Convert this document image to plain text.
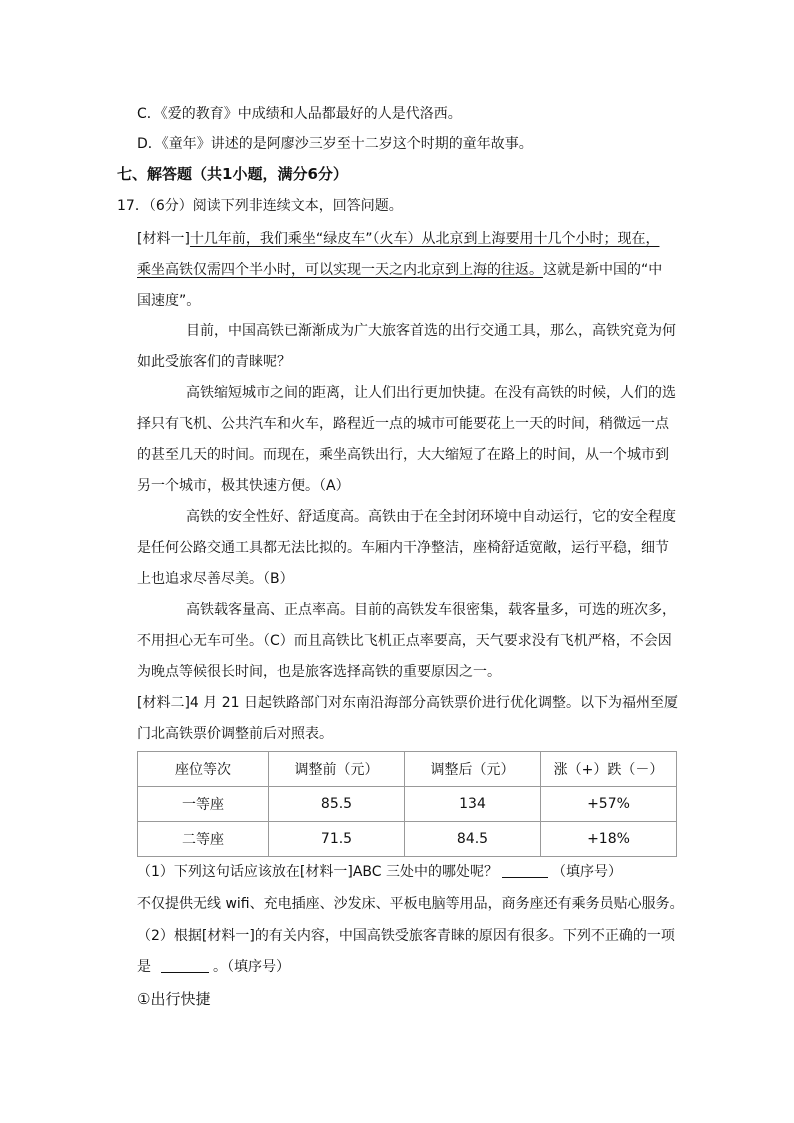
C．《爱的教育》中成绩和人品都最好的人是代洛西。
D．《童年》讲述的是阿廖沙三岁至十二岁这个时期的童年故事。
七、解答题（共1小题，满分6分）
17．（6分）阅读下列非连续文本，回答问题。
[材料一]十几年前，我们乘坐“绿皮车”（火车）从北京到上海要用十几个小时；现在，
乘坐高铁仅需四个半小时，可以实现一天之内北京到上海的往返。这就是新中国的“中
国速度”。
目前，中国高铁已渐渐成为广大旅客首选的出行交通工具，那么，高铁究竟为何
如此受旅客们的青睐呢？
高铁缩短城市之间的距离，让人们出行更加快捷。在没有高铁的时候，人们的选
择只有飞机、公共汽车和火车，路程近一点的城市可能要花上一天的时间，稍微远一点
的甚至几天的时间。而现在，乘坐高铁出行，大大缩短了在路上的时间，从一个城市到
另一个城市，极其快速方便。（A）
高铁的安全性好、舒适度高。高铁由于在全封闭环境中自动运行，它的安全程度
是任何公路交通工具都无法比拟的。车厢内干净整洁，座椅舒适宽敞，运行平稳，细节
上也追求尽善尽美。（B）
高铁载客量高、正点率高。目前的高铁发车很密集，载客量多，可选的班次多，
不用担心无车可坐。（C）而且高铁比飞机正点率要高，天气要求没有飞机严格，不会因
为晚点等候很长时间，也是旅客选择高铁的重要原因之一。
[材料二]4 月 21 日起铁路部门对东南沿海部分高铁票价进行优化调整。以下为福州至厦
门北高铁票价调整前后对照表。
座位等次	调整前（元）	调整后（元）	涨（+）跌（－）
一等座	85.5	134	+57%
二等座	71.5	84.5	+18%
（1）下列这句话应该放在[材料一]ABC 三处中的哪处呢？	（填序号）
不仅提供无线 wifi、充电插座、沙发床、平板电脑等用品，商务座还有乘务员贴心服务。
（2）根据[材料一]的有关内容，中国高铁受旅客青睐的原因有很多。下列不正确的一项
是	。（填序号）
①出行快捷
